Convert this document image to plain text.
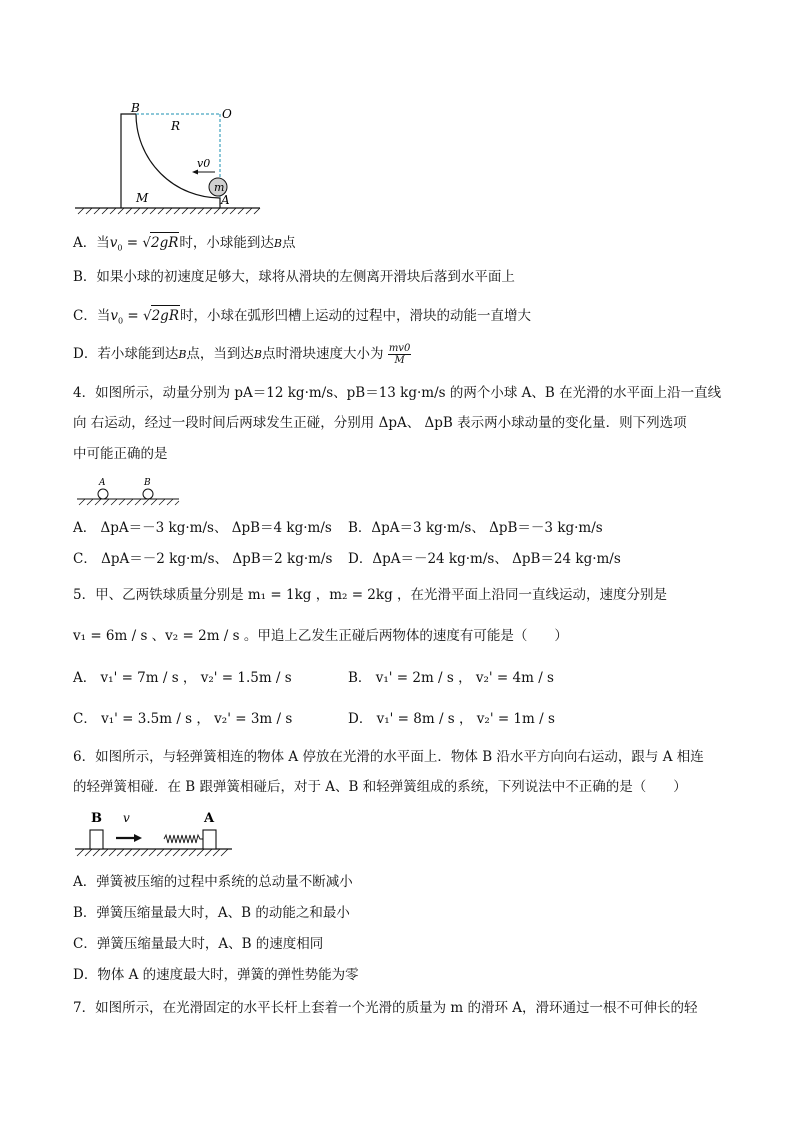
B	O
R
v0
m
M	A
A．当$v_0 = √2gR$时，小球能到达B点
B．如果小球的初速度足够大，球将从滑块的左侧离开滑块后落到水平面上
C．当$v_0 = √2gR$时，小球在弧形凹槽上运动的过程中，滑块的动能一直增大
D．若小球能到达B点，当到达B点时滑块速度大小为 $\frac{mv0}{M}$
4．如图所示，动量分别为 pA＝12 kg·m/s、pB＝13 kg·m/s 的两个小球 A、B 在光滑的水平面上沿一直线
向 右运动，经过一段时间后两球发生正碰，分别用 ΔpA、 ΔpB 表示两小球动量的变化量．则下列选项
中可能正确的是
A	B
A． ΔpA＝－3 kg·m/s、 ΔpB＝4 kg·m/s B．ΔpA＝3 kg·m/s、 ΔpB＝－3 kg·m/s
C． ΔpA＝－2 kg·m/s、 ΔpB＝2 kg·m/s D．ΔpA＝－24 kg·m/s、 ΔpB＝24 kg·m/s
5．甲、乙两铁球质量分别是 m₁ = 1kg ，m₂ = 2kg ，在光滑平面上沿同一直线运动，速度分别是
v₁ = 6m / s 、v₂ = 2m / s 。甲追上乙发生正碰后两物体的速度有可能是（　　）
A． v₁' = 7m / s ， v₂' = 1.5m / s	B． v₁' = 2m / s ， v₂' = 4m / s
C． v₁' = 3.5m / s ， v₂' = 3m / s	D． v₁' = 8m / s ， v₂' = 1m / s
6．如图所示，与轻弹簧相连的物体 A 停放在光滑的水平面上．物体 B 沿水平方向向右运动，跟与 A 相连
的轻弹簧相碰．在 B 跟弹簧相碰后，对于 A、B 和轻弹簧组成的系统，下列说法中不正确的是（　　）
B v	A
A．弹簧被压缩的过程中系统的总动量不断减小
B．弹簧压缩量最大时，A、B 的动能之和最小
C．弹簧压缩量最大时，A、B 的速度相同
D．物体 A 的速度最大时，弹簧的弹性势能为零
7．如图所示，在光滑固定的水平长杆上套着一个光滑的质量为 m 的滑环 A，滑环通过一根不可伸长的轻
